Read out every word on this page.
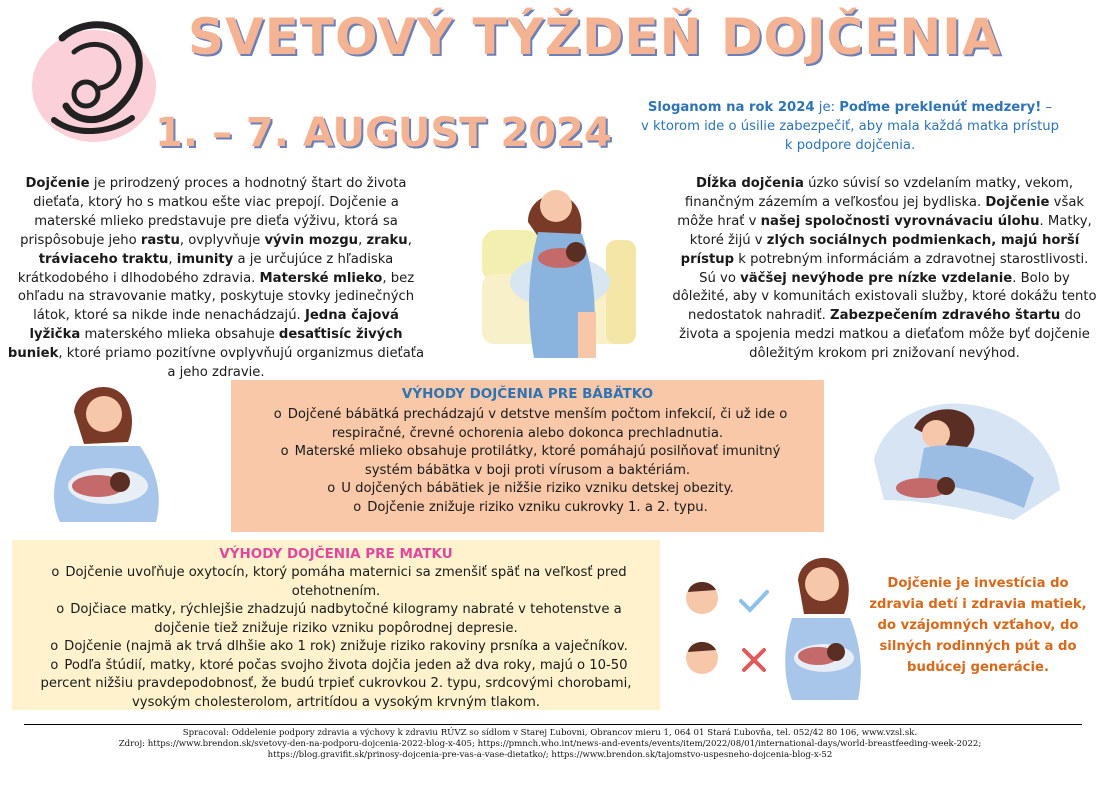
SVETOVÝ TÝŽDEŇ DOJČENIA
1. – 7. AUGUST 2024
Sloganom na rok 2024 je: Poďme preklenúť medzery! –
v ktorom ide o úsilie zabezpečiť, aby mala každá matka prístup
k podpore dojčenia.
Dojčenie je prirodzený proces a hodnotný štart do života dieťaťa, ktorý ho s matkou ešte viac prepojí. Dojčenie a materské mlieko predstavuje pre dieťa výživu, ktorá sa prispôsobuje jeho rastu, ovplyvňuje vývin mozgu, zraku, tráviaceho traktu, imunity a je určujúce z hľadiska krátkodobého i dlhodobého zdravia. Materské mlieko, bez ohľadu na stravovanie matky, poskytuje stovky jedinečných látok, ktoré sa nikde inde nenachádzajú. Jedna čajová lyžička materského mlieka obsahuje desaťtisíc živých buniek, ktoré priamo pozitívne ovplyvňujú organizmus dieťaťa a jeho zdravie.
Dĺžka dojčenia úzko súvisí so vzdelaním matky, vekom, finančným zázemím a veľkosťou jej bydliska. Dojčenie však môže hrať v našej spoločnosti vyrovnávaciu úlohu. Matky, ktoré žijú v zlých sociálnych podmienkach, majú horší prístup k potrebným informáciám a zdravotnej starostlivosti. Sú vo väčšej nevýhode pre nízke vzdelanie. Bolo by dôležité, aby v komunitách existovali služby, ktoré dokážu tento nedostatok nahradiť. Zabezpečením zdravého štartu do života a spojenia medzi matkou a dieťaťom môže byť dojčenie dôležitým krokom pri znižovaní nevýhod.
VÝHODY DOJČENIA PRE BÁBÄTKO
o Dojčené bábätká prechádzajú v detstve menším počtom infekcií, či už ide o respiračné, črevné ochorenia alebo dokonca prechladnutia.
o Materské mlieko obsahuje protilátky, ktoré pomáhajú posilňovať imunitný systém bábätka v boji proti vírusom a baktériám.
o U dojčených bábätiek je nižšie riziko vzniku detskej obezity.
o Dojčenie znižuje riziko vzniku cukrovky 1. a 2. typu.
VÝHODY DOJČENIA PRE MATKU
o Dojčenie uvoľňuje oxytocín, ktorý pomáha maternici sa zmenšiť späť na veľkosť pred otehotnením.
o Dojčiace matky, rýchlejšie zhadzujú nadbytočné kilogramy nabraté v tehotenstve a dojčenie tiež znižuje riziko vzniku popôrodnej depresie.
o Dojčenie (najmä ak trvá dlhšie ako 1 rok) znižuje riziko rakoviny prsníka a vaječníkov.
o Podľa štúdií, matky, ktoré počas svojho života dojčia jeden až dva roky, majú o 10-50 percent nižšiu pravdepodobnosť, že budú trpieť cukrovkou 2. typu, srdcovými chorobami, vysokým cholesterolom, artritídou a vysokým krvným tlakom.
Dojčenie je investícia do zdravia detí i zdravia matiek, do vzájomných vzťahov, do silných rodinných pút a do budúcej generácie.
Spracoval: Oddelenie podpory zdravia a výchovy k zdraviu RÚVZ so sídlom v Starej Ľubovni, Obrancov mieru 1, 064 01 Stará Ľubovňa, tel. 052/42 80 106, www.vzsl.sk.
Zdroj: https://www.brendon.sk/svetovy-den-na-podporu-dojcenia-2022-blog-x-405; https://pmnch.who.int/news-and-events/events/item/2022/08/01/international-days/world-breastfeeding-week-2022;
https://blog.gravifit.sk/prinosy-dojcenia-pre-vas-a-vase-dietatko/; https://www.brendon.sk/tajomstvo-uspesneho-dojcenia-blog-x-52
